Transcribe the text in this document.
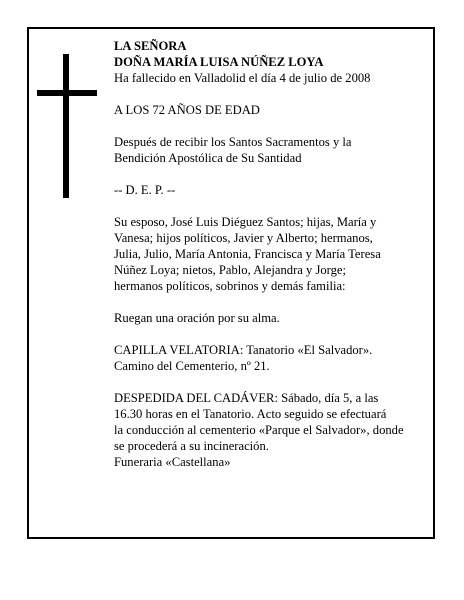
LA SEÑORA
DOÑA MARÍA LUISA NÚÑEZ LOYA
Ha fallecido en Valladolid el día 4 de julio de 2008
A LOS 72 AÑOS DE EDAD
Después de recibir los Santos Sacramentos y la
Bendición Apostólica de Su Santidad
-- D. E. P. --
Su esposo, José Luis Diéguez Santos; hijas, María y
Vanesa; hijos políticos, Javier y Alberto; hermanos,
Julia, Julio, María Antonia, Francisca y María Teresa
Núñez Loya; nietos, Pablo, Alejandra y Jorge;
hermanos políticos, sobrinos y demás familia:
Ruegan una oración por su alma.
CAPILLA VELATORIA: Tanatorio «El Salvador».
Camino del Cementerio, nº 21.
DESPEDIDA DEL CADÁVER: Sábado, día 5, a las
16.30 horas en el Tanatorio. Acto seguido se efectuará
la conducción al cementerio «Parque el Salvador», donde
se procederá a su incineración.
Funeraria «Castellana»
